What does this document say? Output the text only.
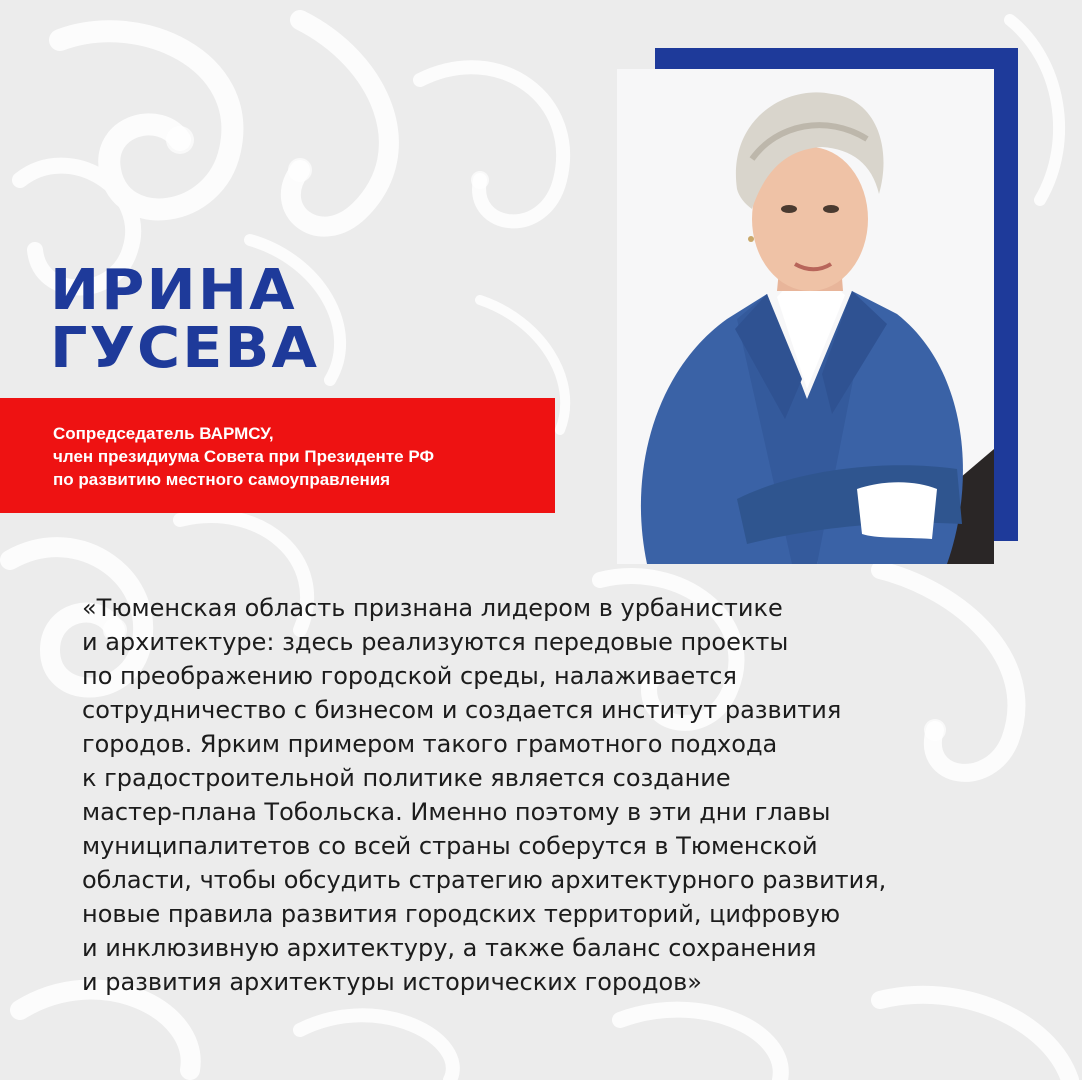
ИРИНА
ГУСЕВА
Сопредседатель ВАРМСУ,
член президиума Совета при Президенте РФ
по развитию местного самоуправления

«Тюменская область признана лидером в урбанистике
и архитектуре: здесь реализуются передовые проекты
по преображению городской среды, налаживается
сотрудничество с бизнесом и создается институт развития
городов. Ярким примером такого грамотного подхода
к градостроительной политике является создание
мастер-плана Тобольска. Именно поэтому в эти дни главы
муниципалитетов со всей страны соберутся в Тюменской
области, чтобы обсудить стратегию архитектурного развития,
новые правила развития городских территорий, цифровую
и инклюзивную архитектуру, а также баланс сохранения
и развития архитектуры исторических городов»
